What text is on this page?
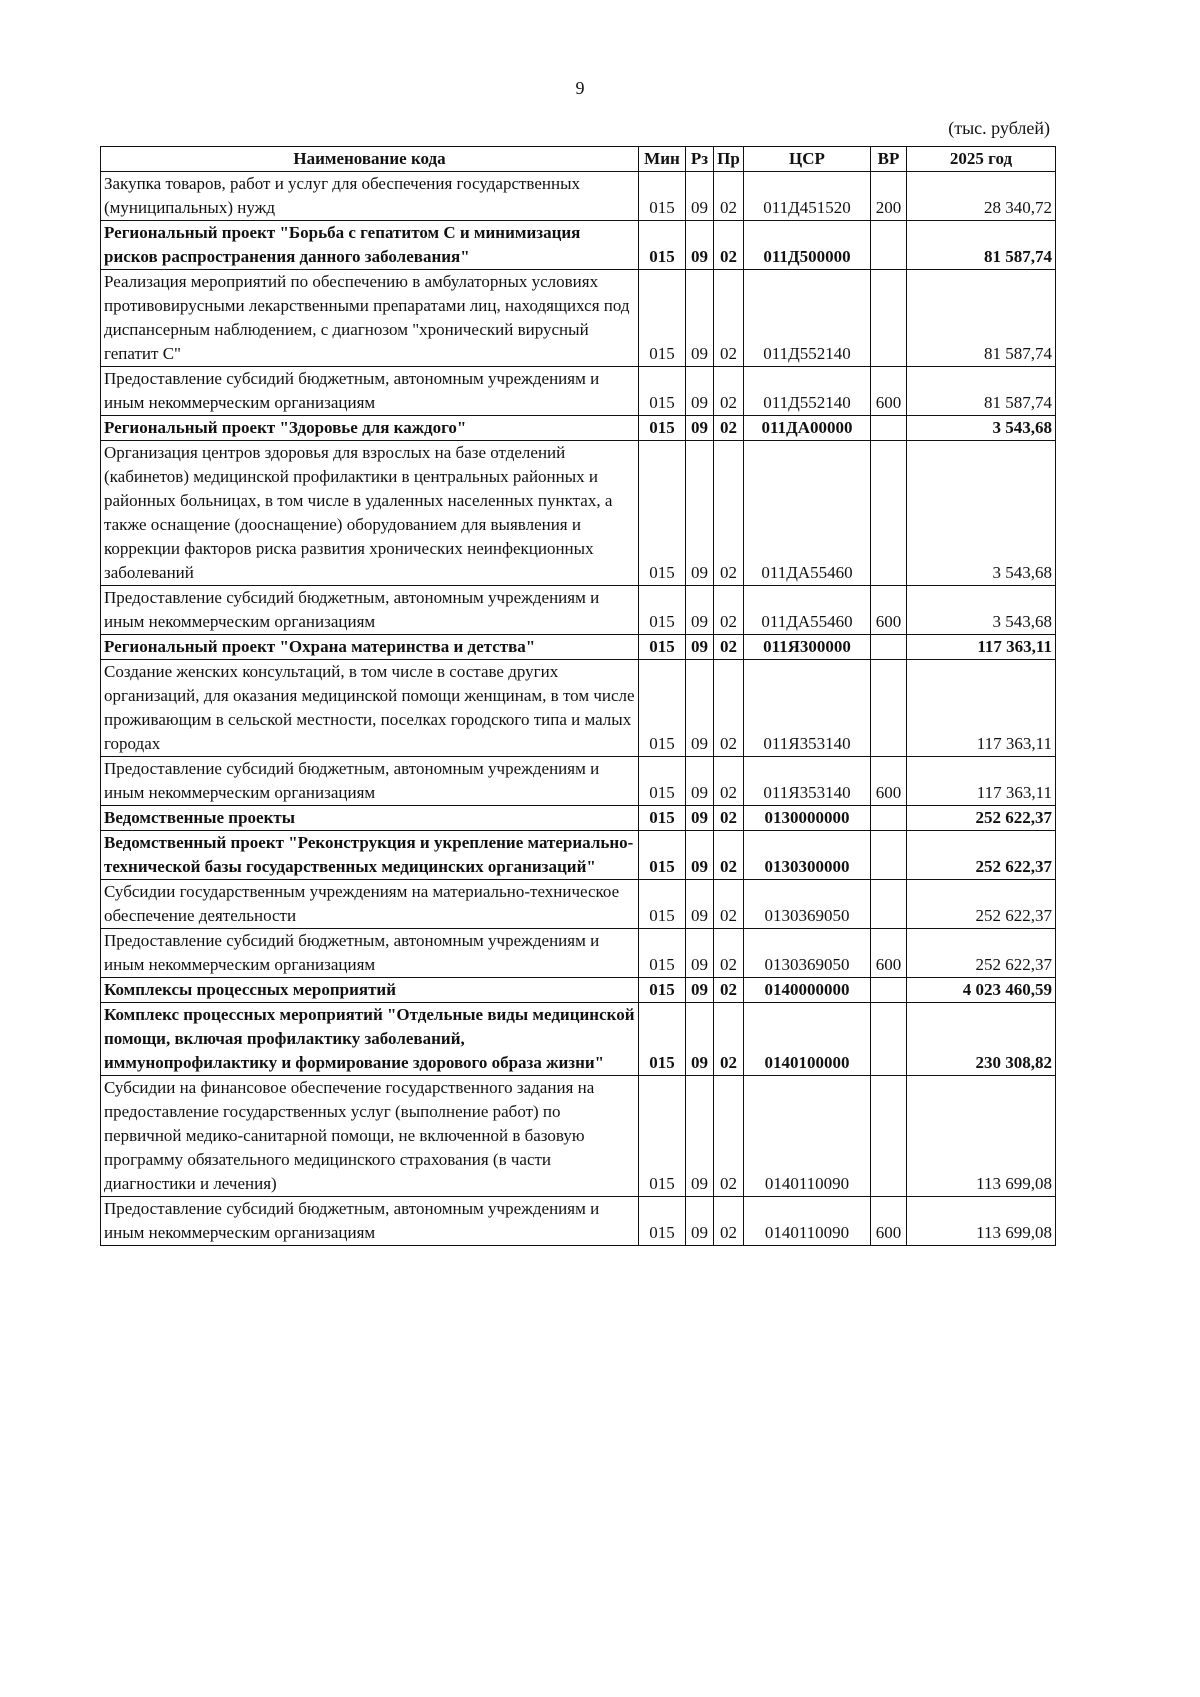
9
(тыс. рублей)
Наименование кода	Мин	Рз	Пр	ЦСР	ВР	2025 год
Закупка товаров, работ и услуг для обеспечения государственных (муниципальных) нужд	015	09	02	011Д451520	200	28 340,72
Региональный проект "Борьба с гепатитом С и минимизация рисков распространения данного заболевания"	015	09	02	011Д500000		81 587,74
Реализация мероприятий по обеспечению в амбулаторных условиях противовирусными лекарственными препаратами лиц, находящихся под диспансерным наблюдением, с диагнозом "хронический вирусный гепатит С"	015	09	02	011Д552140		81 587,74
Предоставление субсидий бюджетным, автономным учреждениям и иным некоммерческим организациям	015	09	02	011Д552140	600	81 587,74
Региональный проект "Здоровье для каждого"	015	09	02	011ДА00000		3 543,68
Организация центров здоровья для взрослых на базе отделений (кабинетов) медицинской профилактики в центральных районных и районных больницах, в том числе в удаленных населенных пунктах, а также оснащение (дооснащение) оборудованием для выявления и коррекции факторов риска развития хронических неинфекционных заболеваний	015	09	02	011ДА55460		3 543,68
Предоставление субсидий бюджетным, автономным учреждениям и иным некоммерческим организациям	015	09	02	011ДА55460	600	3 543,68
Региональный проект "Охрана материнства и детства"	015	09	02	011Я300000		117 363,11
Создание женских консультаций, в том числе в составе других организаций, для оказания медицинской помощи женщинам, в том числе проживающим в сельской местности, поселках городского типа и малых городах	015	09	02	011Я353140		117 363,11
Предоставление субсидий бюджетным, автономным учреждениям и иным некоммерческим организациям	015	09	02	011Я353140	600	117 363,11
Ведомственные проекты	015	09	02	0130000000		252 622,37
Ведомственный проект "Реконструкция и укрепление материально-технической базы государственных медицинских организаций"	015	09	02	0130300000		252 622,37
Субсидии государственным учреждениям на материально-техническое обеспечение деятельности	015	09	02	0130369050		252 622,37
Предоставление субсидий бюджетным, автономным учреждениям и иным некоммерческим организациям	015	09	02	0130369050	600	252 622,37
Комплексы процессных мероприятий	015	09	02	0140000000		4 023 460,59
Комплекс процессных мероприятий "Отдельные виды медицинской помощи, включая профилактику заболеваний, иммунопрофилактику и формирование здорового образа жизни"	015	09	02	0140100000		230 308,82
Субсидии на финансовое обеспечение государственного задания на предоставление государственных услуг (выполнение работ) по первичной медико-санитарной помощи, не включенной в базовую программу обязательного медицинского страхования (в части диагностики и лечения)	015	09	02	0140110090		113 699,08
Предоставление субсидий бюджетным, автономным учреждениям и иным некоммерческим организациям	015	09	02	0140110090	600	113 699,08
